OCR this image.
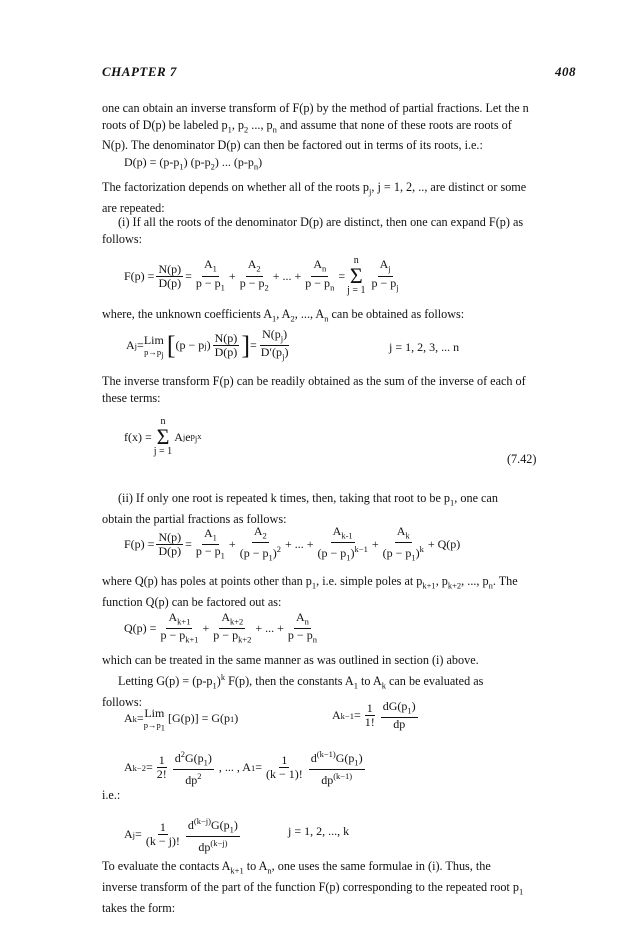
CHAPTER 7	408
one can obtain an inverse transform of F(p) by the method of partial fractions. Let the n
roots of D(p) be labeled $p_1$, $p_2$ ..., $p_n$ and assume that none of these roots are roots of
N(p). The denominator D(p) can then be factored out in terms of its roots, i.e.:
$D(p) = (p-p_1)$ $(p-p_2)$ ... $(p-p_n)$
The factorization depends on whether all of the roots $p_j$, j = 1, 2, .., are distinct or some
are repeated:
(i) If all the roots of the denominator D(p) are distinct, then one can expand F(p) as
follows:
$F(p) = \frac{N(p)}{D(p)} = \frac{A_1}{p - p_1} + \frac{A_2}{p - p_2}$ + ... + $\frac{A_n}{p - p_n}$ =
n
Σ
$j = 1 \frac{A_j}{p - p_j}$
where, the unknown coefficients $A_1$, $A_2$, ..., $A_n$ can be obtained as follows:
A j = Lim
$p\to p_j$ [ (p − p j ) $\frac{N(p)}{D(p)}$ ] = $\frac{N(p_j)}{D'(p_j)}$	j = 1, 2, 3, ... n
The inverse transform F(p) can be readily obtained as the sum of the inverse of each of
these terms:
f(x) =
n
Σ
j = 1
A j e $p_jx$
(7.42)
(ii) If only one root is repeated k times, then, taking that root to be $p_1$, one can
obtain the partial fractions as follows:
$F(p) = \frac{N(p)}{D(p)} = \frac{A_1}{p - p_1} + \frac{A_2}{(p - p_1)^2}$ + ... + $\frac{A_{k-1}}{(p - p_1)^{k-1}} + \frac{A_k}{(p - p_1)^k} + Q(p)$
where Q(p) has poles at points other than $p_1$, i.e. simple poles at $p_{k+1}$, $p_{k+2}$, ..., $p_n$. The
function Q(p) can be factored out as:
$Q(p) = \frac{A_{k+1}}{p - p_{k+1}} + \frac{A_{k+2}}{p - p_{k+2}}$ + ... + $\frac{A_n}{p - p_n}$
which can be treated in the same manner as was outlined in section (i) above.
Letting $G(p) = (p-p_1)^k$ F(p), then the constants $A_1$ to $A_k$ can be evaluated as
follows:
A k = Lim
$p\to p_1$
[G(p)] = G(p 1 )	A $k-1 = \frac{1}{1!} \frac{dG(p_1)}{dp}$
A $k-2 = \frac{1}{2!} \frac{d^2G(p_1)}{dp^2}$ , ... , A $1 = \frac{1}{(k - 1)!} \frac{d^{(k-1)}G(p_1)}{dp^{(k-1)}}$
i.e.:
A $j = \frac{1}{(k - j)!} \frac{d^{(k-j)}G(p_1)}{dp^{(k-j)}}$	j = 1, 2, ..., k
To evaluate the contacts $A_{k+1}$ to $A_n$, one uses the same formulae in (i). Thus, the
inverse transform of the part of the function F(p) corresponding to the repeated root $p_1$
takes the form:
